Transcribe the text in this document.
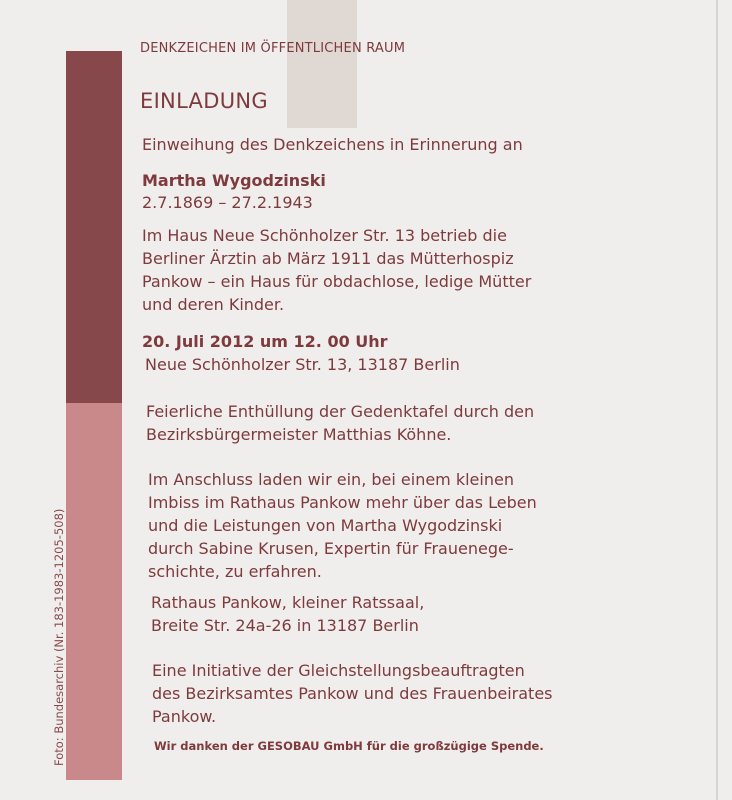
Foto: Bundesarchiv (Nr. 183-1983-1205-508)
DENKZEICHEN IM ÖFFENTLICHEN RAUM
EINLADUNG
Einweihung des Denkzeichens in Erinnerung an
Martha Wygodzinski
2.7.1869 – 27.2.1943
Im Haus Neue Schönholzer Str. 13 betrieb die
Berliner Ärztin ab März 1911 das Mütterhospiz
Pankow – ein Haus für obdachlose, ledige Mütter
und deren Kinder.
20. Juli 2012 um 12. 00 Uhr
Neue Schönholzer Str. 13, 13187 Berlin
Feierliche Enthüllung der Gedenktafel durch den
Bezirksbürgermeister Matthias Köhne.
Im Anschluss laden wir ein, bei einem kleinen
Imbiss im Rathaus Pankow mehr über das Leben
und die Leistungen von Martha Wygodzinski
durch Sabine Krusen, Expertin für Frauenege-
schichte, zu erfahren.
Rathaus Pankow, kleiner Ratssaal,
Breite Str. 24a-26 in 13187 Berlin
Eine Initiative der Gleichstellungsbeauftragten
des Bezirksamtes Pankow und des Frauenbeirates
Pankow.
Wir danken der GESOBAU GmbH für die großzügige Spende.
